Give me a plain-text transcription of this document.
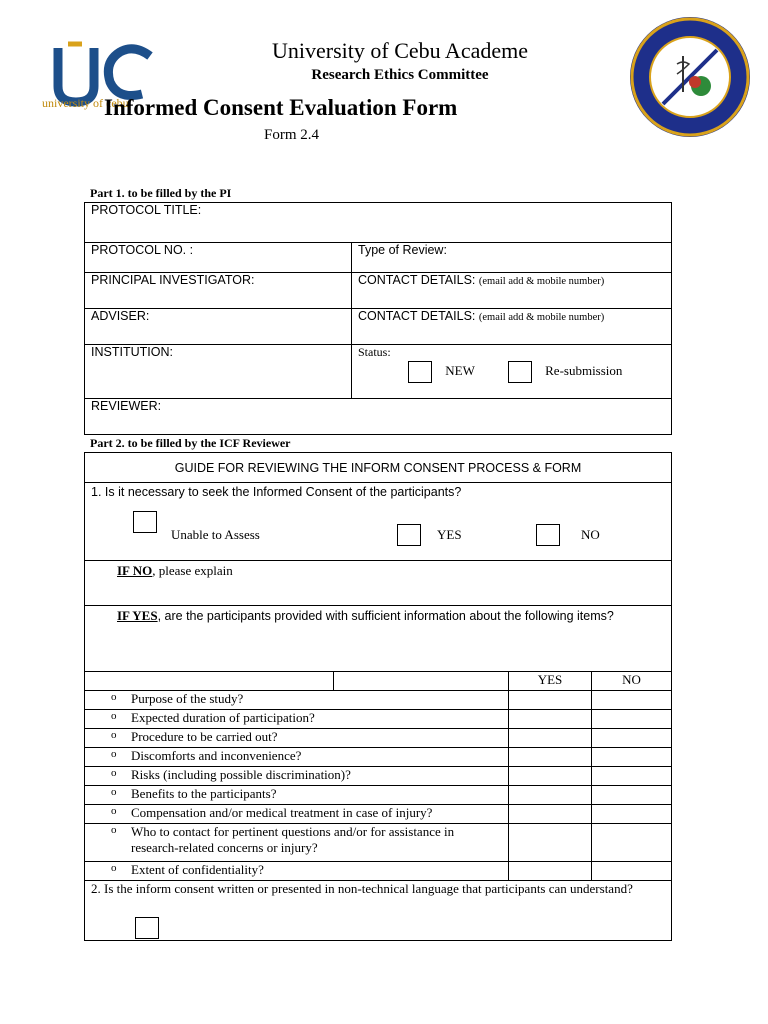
university of cebu
University of Cebu Academe
Research Ethics Committee
Informed Consent Evaluation Form
Form 2.4
Part 1. to be filled by the PI
PROTOCOL TITLE:	
PROTOCOL NO. :	Type of Review:
PRINCIPAL INVESTIGATOR:	CONTACT DETAILS: (email add & mobile number)
ADVISER:	CONTACT DETAILS: (email add & mobile number)
INSTITUTION:	Status:
NEW Re-submission

REVIEWER:	
Part 2. to be filled by the ICF Reviewer
GUIDE FOR REVIEWING THE INFORM CONSENT PROCESS & FORM			

1. Is it necessary to seek the Informed Consent of the participants?
Unable to Assess YES NO			

IF NO, please explain			
IF YES, are the participants provided with sufficient information about the following items?			
		YES	NO

o Purpose of the study?			

o Expected duration of participation?			

o Procedure to be carried out?			

o Discomforts and inconvenience?			

o Risks (including possible discrimination)?			

o Benefits to the participants?			

o Compensation and/or medical treatment in case of injury?			

o Who to contact for pertinent questions and/or for assistance in research-related concerns or injury?			

o Extent of confidentiality?			

2. Is the inform consent written or presented in non-technical language that participants can understand?			
